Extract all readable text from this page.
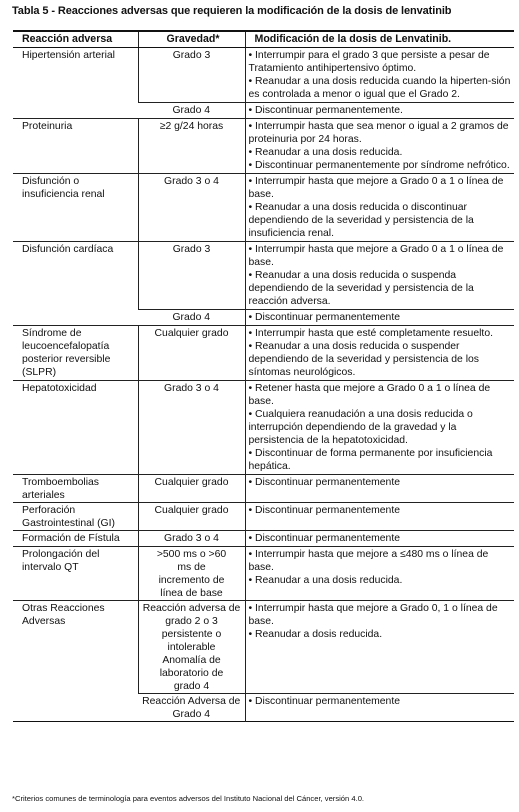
Tabla 5 - Reacciones adversas que requieren la modificación de la dosis de lenvatinib
Reacción adversa	Gravedad*	Modificación de la dosis de Lenvatinib.
Hipertensión arterial	Grado 3	• Interrumpir para el grado 3 que persiste a pesar de Tratamiento antihipertensivo óptimo.
• Reanudar a una dosis reducida cuando la hiperten-sión es controlada a menor o igual que el Grado 2.

	Grado 4	• Discontinuar permanentemente.

Proteinuria	≥2 g/24 horas	• Interrumpir hasta que sea menor o igual a 2 gramos de proteinuria por 24 horas.
• Reanudar a una dosis reducida.
• Discontinuar permanentemente por síndrome nefrótico.

Disfunción o insuficiencia renal	Grado 3 o 4	• Interrumpir hasta que mejore a Grado 0 a 1 o línea de base.
• Reanudar a una dosis reducida o discontinuar dependiendo de la severidad y persistencia de la insuficiencia renal.

Disfunción cardíaca	Grado 3	• Interrumpir hasta que mejore a Grado 0 a 1 o línea de base.
• Reanudar a una dosis reducida o suspenda dependiendo de la severidad y persistencia de la reacción adversa.

	Grado 4	• Discontinuar permanentemente

Síndrome de leucoencefalopatía posterior reversible (SLPR)	Cualquier grado	• Interrumpir hasta que esté completamente resuelto.
• Reanudar a una dosis reducida o suspender dependiendo de la severidad y persistencia de los síntomas neurológicos.

Hepatotoxicidad	Grado 3 o 4	• Retener hasta que mejore a Grado 0 a 1 o línea de base.
• Cualquiera reanudación a una dosis reducida o interrupción dependiendo de la gravedad y la persistencia de la hepatotoxicidad.
• Discontinuar de forma permanente por insuficiencia hepática.

Tromboembolias arteriales	Cualquier grado	• Discontinuar permanentemente

Perforación Gastrointestinal (GI)	Cualquier grado	• Discontinuar permanentemente

Formación de Fístula	Grado 3 o 4	• Discontinuar permanentemente

Prolongación del intervalo QT	>500 ms o >60 ms de incremento de línea de base	• Interrumpir hasta que mejore a ≤480 ms o línea de base.
• Reanudar a una dosis reducida.

Otras Reacciones Adversas	Reacción adversa de grado 2 o 3 persistente o intolerable
Anomalía de laboratorio de grado 4	• Interrumpir hasta que mejore a Grado 0, 1 o línea de base.
• Reanudar a dosis reducida.

	Reacción Adversa de Grado 4	• Discontinuar permanentemente
*Criterios comunes de terminología para eventos adversos del Instituto Nacional del Cáncer, versión 4.0.
